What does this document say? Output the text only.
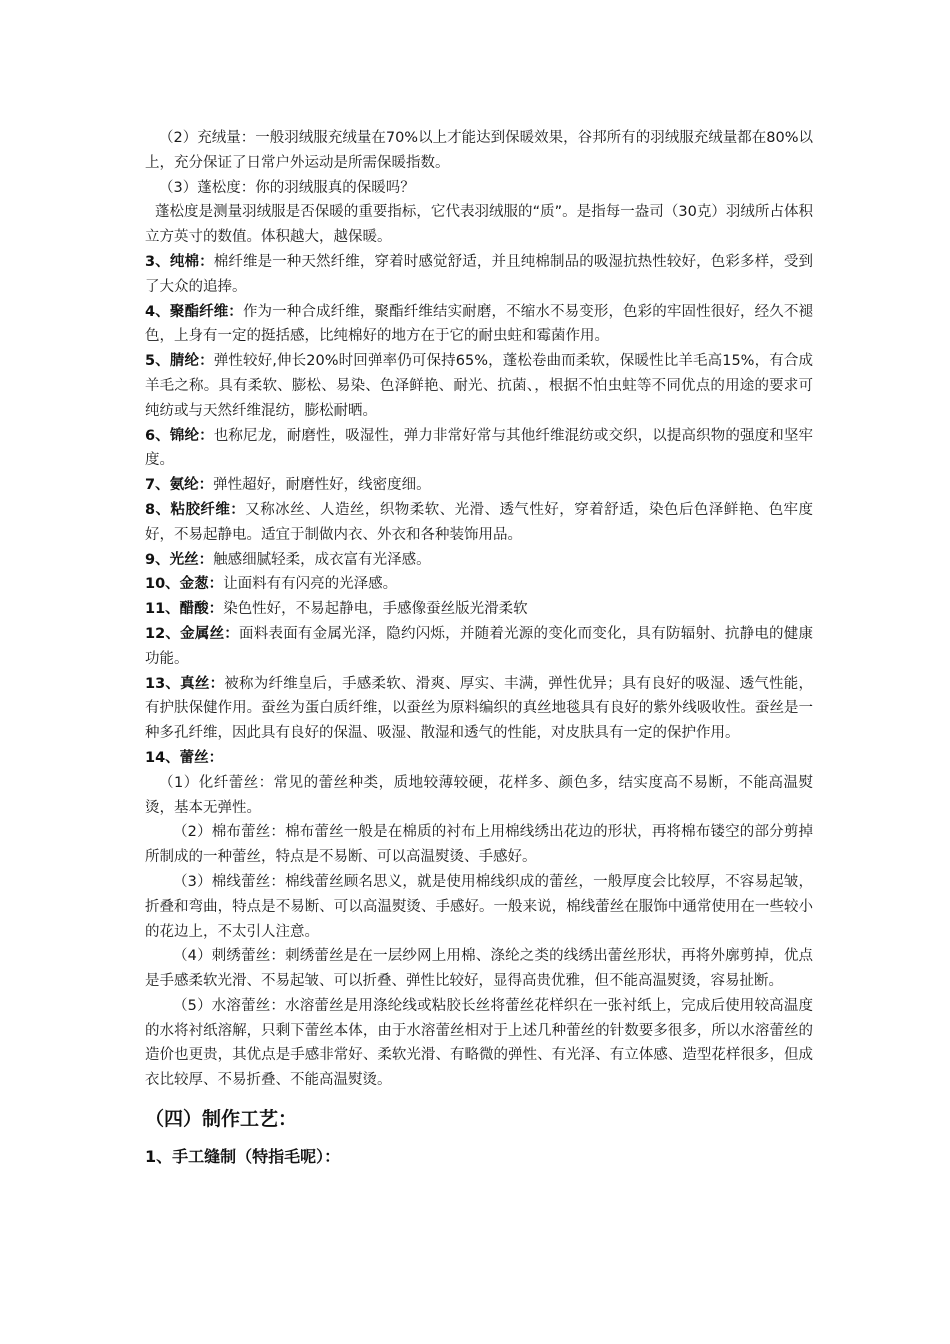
（2）充绒量：一般羽绒服充绒量在70%以上才能达到保暖效果，谷邦所有的羽绒服充绒量都在80%以上，充分保证了日常户外运动是所需保暖指数。

（3）蓬松度：你的羽绒服真的保暖吗？

蓬松度是测量羽绒服是否保暖的重要指标，它代表羽绒服的“质”。是指每一盎司（30克）羽绒所占体积立方英寸的数值。体积越大，越保暖。

3、纯棉：棉纤维是一种天然纤维，穿着时感觉舒适，并且纯棉制品的吸湿抗热性较好，色彩多样，受到了大众的追捧。

4、聚酯纤维：作为一种合成纤维，聚酯纤维结实耐磨，不缩水不易变形，色彩的牢固性很好，经久不褪色，上身有一定的挺括感，比纯棉好的地方在于它的耐虫蛀和霉菌作用。

5、腈纶：弹性较好,伸长20%时回弹率仍可保持65%，蓬松卷曲而柔软，保暖性比羊毛高15%，有合成羊毛之称。具有柔软、膨松、易染、色泽鲜艳、耐光、抗菌、，根据不怕虫蛀等不同优点的用途的要求可纯纺或与天然纤维混纺，膨松耐晒。

6、锦纶：也称尼龙，耐磨性，吸湿性，弹力非常好常与其他纤维混纺或交织，以提高织物的强度和坚牢度。

7、氨纶：弹性超好，耐磨性好，线密度细。

8、粘胶纤维：又称冰丝、人造丝，织物柔软、光滑、透气性好，穿着舒适，染色后色泽鲜艳、色牢度好，不易起静电。适宜于制做内衣、外衣和各种装饰用品。

9、光丝：触感细腻轻柔，成衣富有光泽感。

10、金葱：让面料有有闪亮的光泽感。

11、醋酸：染色性好，不易起静电，手感像蚕丝版光滑柔软

12、金属丝：面料表面有金属光泽，隐约闪烁，并随着光源的变化而变化，具有防辐射、抗静电的健康功能。

13、真丝：被称为纤维皇后，手感柔软、滑爽、厚实、丰满，弹性优异；具有良好的吸湿、透气性能，有护肤保健作用。蚕丝为蛋白质纤维，以蚕丝为原料编织的真丝地毯具有良好的紫外线吸收性。蚕丝是一种多孔纤维，因此具有良好的保温、吸湿、散湿和透气的性能，对皮肤具有一定的保护作用。

14、蕾丝：

（1）化纤蕾丝：常见的蕾丝种类，质地较薄较硬，花样多、颜色多，结实度高不易断，不能高温熨烫，基本无弹性。

（2）棉布蕾丝：棉布蕾丝一般是在棉质的衬布上用棉线绣出花边的形状，再将棉布镂空的部分剪掉所制成的一种蕾丝，特点是不易断、可以高温熨烫、手感好。

（3）棉线蕾丝：棉线蕾丝顾名思义，就是使用棉线织成的蕾丝，一般厚度会比较厚，不容易起皱，折叠和弯曲，特点是不易断、可以高温熨烫、手感好。一般来说，棉线蕾丝在服饰中通常使用在一些较小的花边上，不太引人注意。

（4）刺绣蕾丝：刺绣蕾丝是在一层纱网上用棉、涤纶之类的线绣出蕾丝形状，再将外廓剪掉，优点是手感柔软光滑、不易起皱、可以折叠、弹性比较好，显得高贵优雅，但不能高温熨烫，容易扯断。

（5）水溶蕾丝：水溶蕾丝是用涤纶线或粘胶长丝将蕾丝花样织在一张衬纸上，完成后使用较高温度的水将衬纸溶解，只剩下蕾丝本体，由于水溶蕾丝相对于上述几种蕾丝的针数要多很多，所以水溶蕾丝的造价也更贵，其优点是手感非常好、柔软光滑、有略微的弹性、有光泽、有立体感、造型花样很多，但成衣比较厚、不易折叠、不能高温熨烫。

（四）制作工艺：

1、手工缝制（特指毛呢）：
